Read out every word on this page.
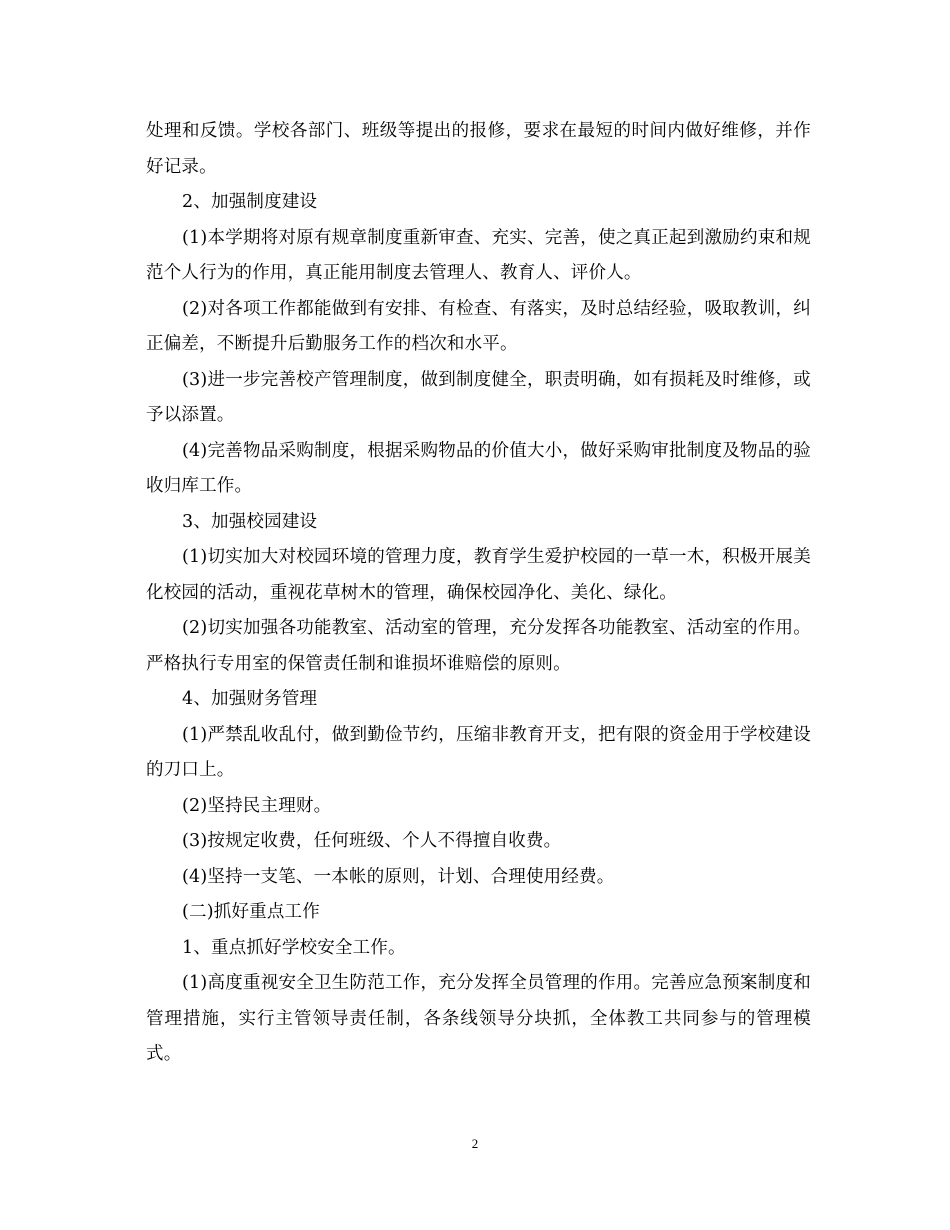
处理和反馈。学校各部门、班级等提出的报修，要求在最短的时间内做好维修，并作好记录。

2、加强制度建设

(1)本学期将对原有规章制度重新审查、充实、完善，使之真正起到激励约束和规范个人行为的作用，真正能用制度去管理人、教育人、评价人。

(2)对各项工作都能做到有安排、有检查、有落实，及时总结经验，吸取教训，纠正偏差，不断提升后勤服务工作的档次和水平。

(3)进一步完善校产管理制度，做到制度健全，职责明确，如有损耗及时维修，或予以添置。

(4)完善物品采购制度，根据采购物品的价值大小，做好采购审批制度及物品的验收归库工作。

3、加强校园建设

(1)切实加大对校园环境的管理力度，教育学生爱护校园的一草一木，积极开展美化校园的活动，重视花草树木的管理，确保校园净化、美化、绿化。

(2)切实加强各功能教室、活动室的管理，充分发挥各功能教室、活动室的作用。严格执行专用室的保管责任制和谁损坏谁赔偿的原则。

4、加强财务管理

(1)严禁乱收乱付，做到勤俭节约，压缩非教育开支，把有限的资金用于学校建设的刀口上。

(2)坚持民主理财。

(3)按规定收费，任何班级、个人不得擅自收费。

(4)坚持一支笔、一本帐的原则，计划、合理使用经费。

(二)抓好重点工作

1、重点抓好学校安全工作。

(1)高度重视安全卫生防范工作，充分发挥全员管理的作用。完善应急预案制度和管理措施，实行主管领导责任制，各条线领导分块抓，全体教工共同参与的管理模式。

2
